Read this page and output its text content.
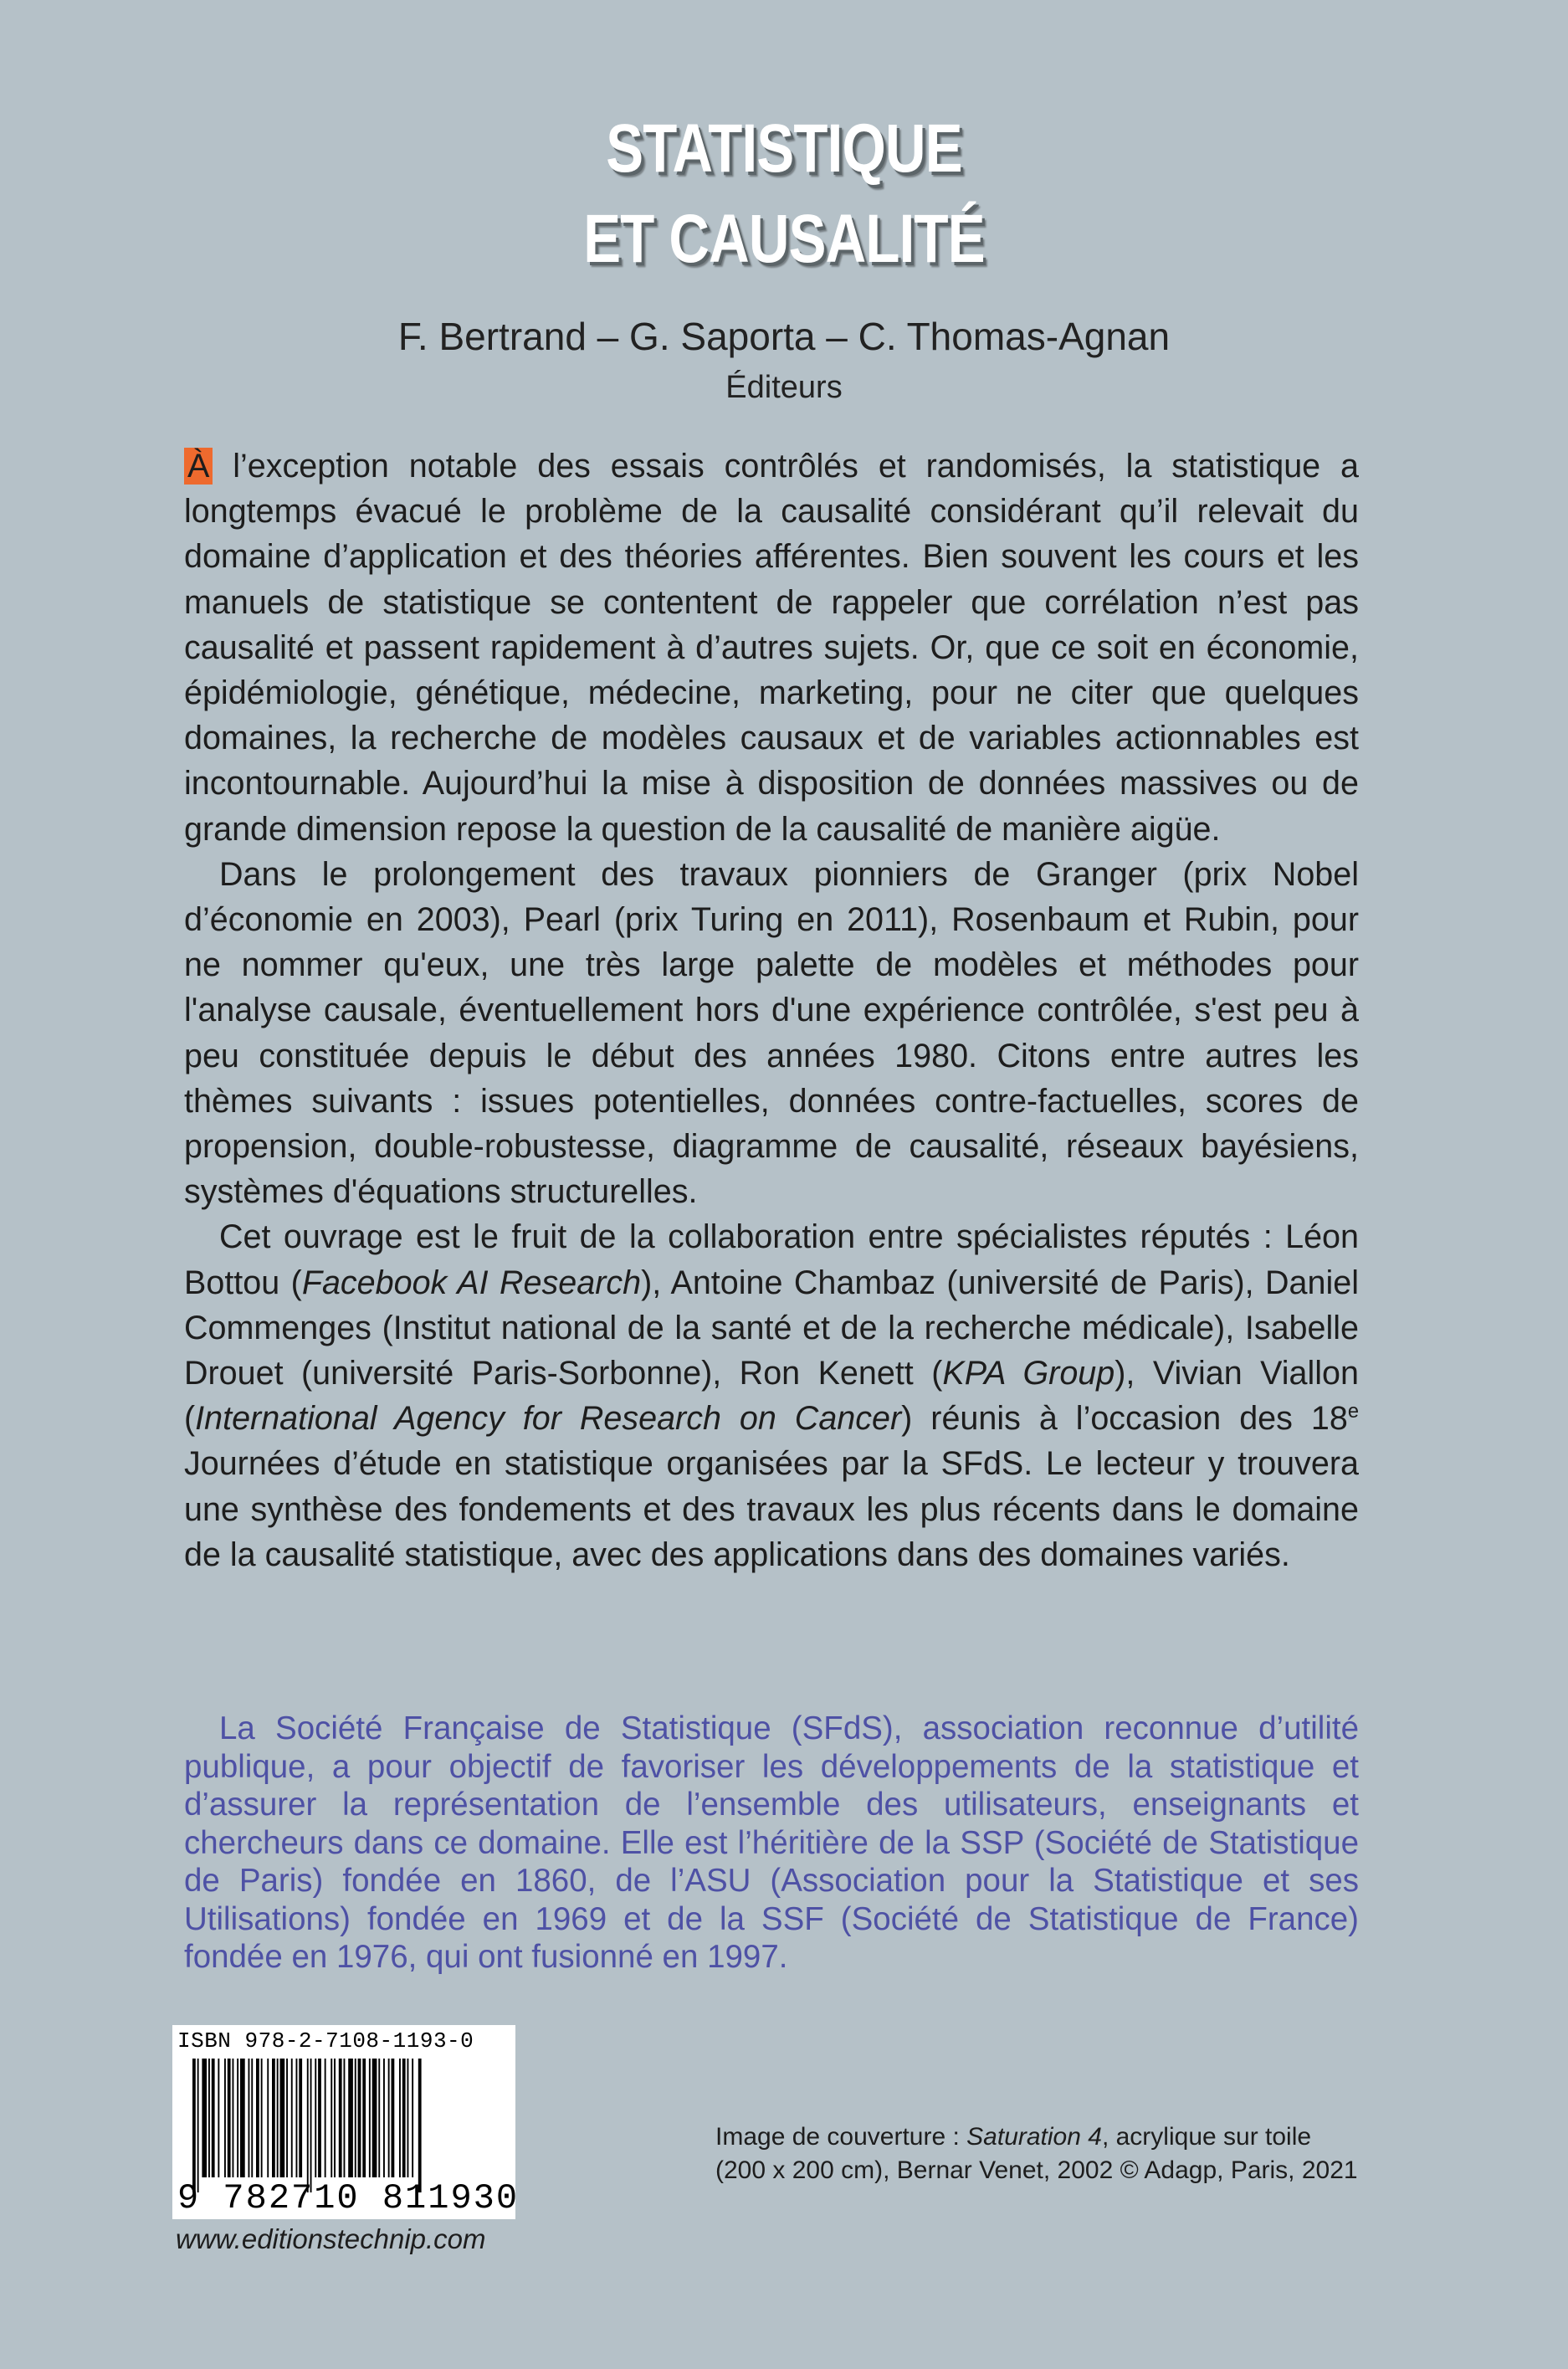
STATISTIQUE
ET CAUSALITÉ
F. Bertrand – G. Saporta – C. Thomas-Agnan
Éditeurs

À l’exception notable des essais contrôlés et randomisés, la statistique a longtemps évacué le problème de la causalité considérant qu’il relevait du domaine d’application et des théories afférentes. Bien souvent les cours et les manuels de statistique se contentent de rappeler que corrélation n’est pas causalité et passent rapidement à d’autres sujets. Or, que ce soit en économie, épidémiologie, génétique, médecine, marketing, pour ne citer que quelques domaines, la recherche de modèles causaux et de variables actionnables est incontournable. Aujourd’hui la mise à disposition de données massives ou de grande dimension repose la question de la causalité de manière aigüe.

Dans le prolongement des travaux pionniers de Granger (prix Nobel d’économie en 2003), Pearl (prix Turing en 2011), Rosenbaum et Rubin, pour ne nommer qu'eux, une très large palette de modèles et méthodes pour l'analyse causale, éventuellement hors d'une expérience contrôlée, s'est peu à peu constituée depuis le début des années 1980. Citons entre autres les thèmes suivants : issues potentielles, données contre-factuelles, scores de propension, double-robustesse, diagramme de causalité, réseaux bayésiens, systèmes d'équations structurelles.

Cet ouvrage est le fruit de la collaboration entre spécialistes réputés : Léon Bottou (Facebook AI Research), Antoine Chambaz (université de Paris), Daniel Commenges (Institut national de la santé et de la recherche médicale), Isabelle Drouet (université Paris-Sorbonne), Ron Kenett (KPA Group), Vivian Viallon (International Agency for Research on Cancer) réunis à l’occasion des 18e Journées d’étude en statistique organisées par la SFdS. Le lecteur y trouvera une synthèse des fondements et des travaux les plus récents dans le domaine de la causalité statistique, avec des applications dans des domaines variés.

La Société Française de Statistique (SFdS), association reconnue d’utilité publique, a pour objectif de favoriser les développements de la statistique et d’assurer la représentation de l’ensemble des utilisateurs, enseignants et chercheurs dans ce domaine. Elle est l’héritière de la SSP (Société de Statistique de Paris) fondée en 1860, de l’ASU (Association pour la Statistique et ses Utilisations) fondée en 1969 et de la SSF (Société de Statistique de France) fondée en 1976, qui ont fusionné en 1997.
ISBN 978-2-7108-1193-0
9 782710 811930
www.editionstechnip.com
Image de couverture : Saturation 4, acrylique sur toile (200 x 200 cm), Bernar Venet, 2002 © Adagp, Paris, 2021
